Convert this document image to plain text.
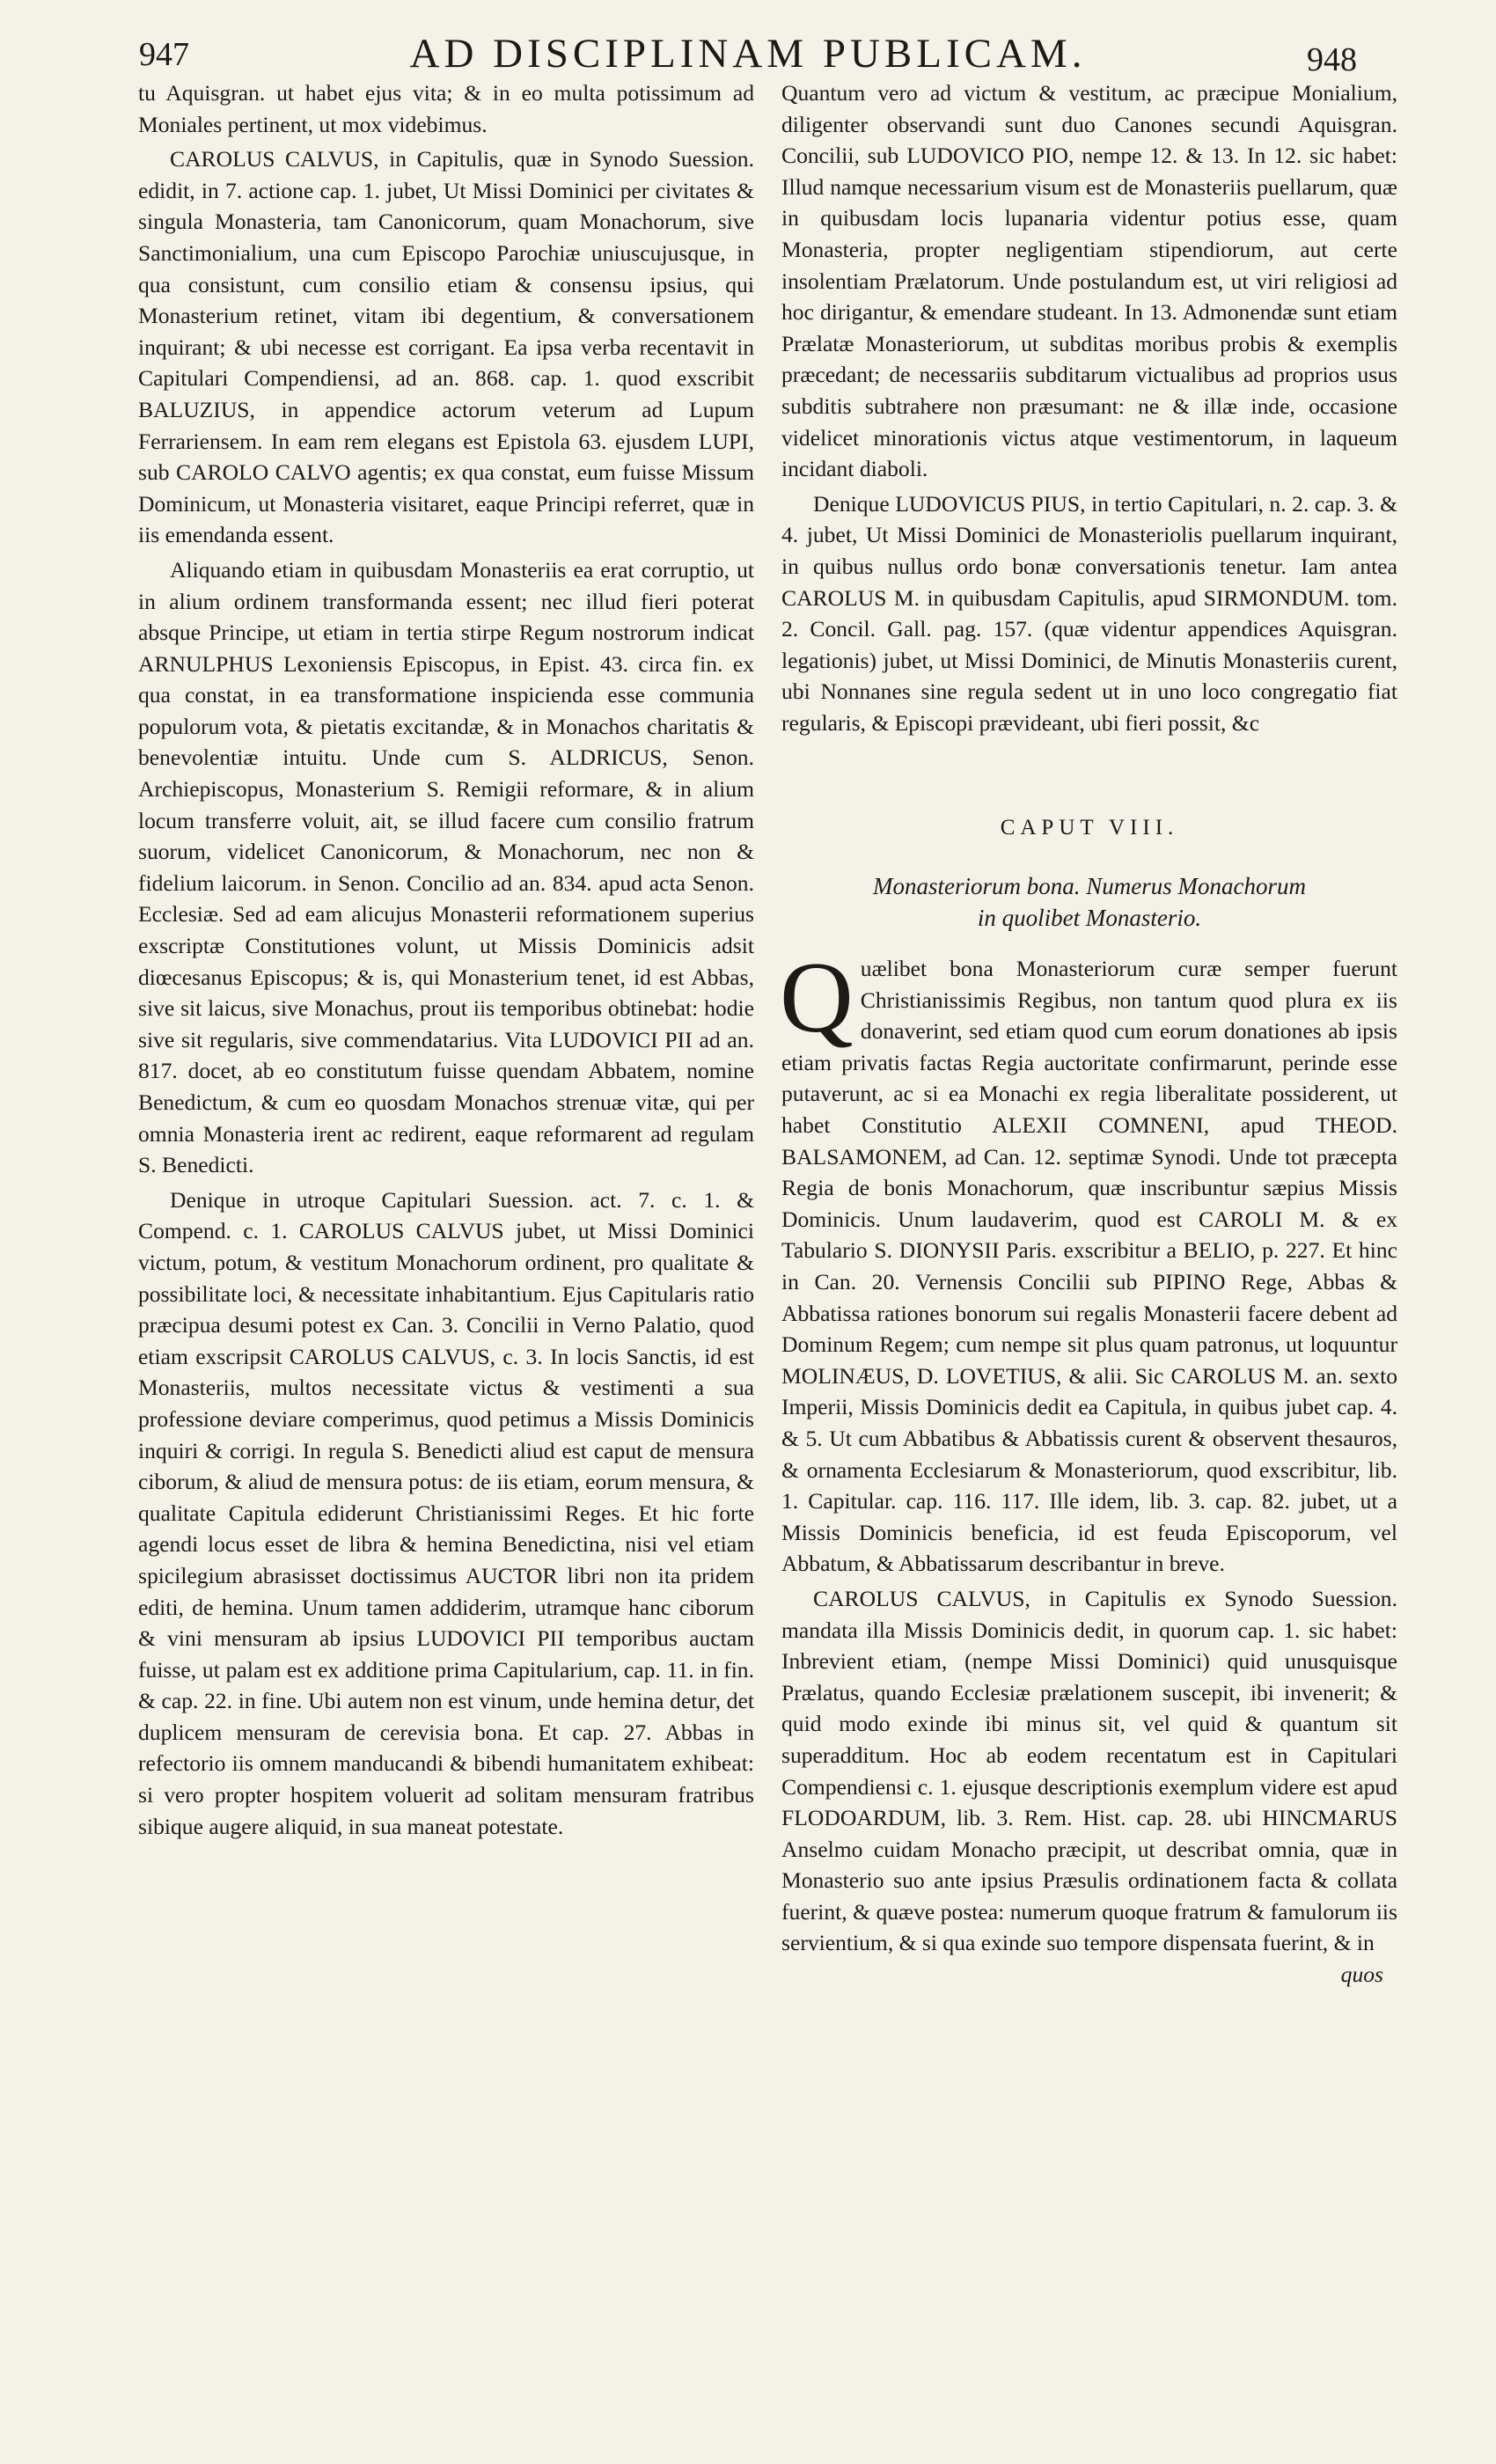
947	AD DISCIPLINAM PUBLICAM.	948

tu Aquisgran. ut habet ejus vita; & in eo multa potissimum ad Moniales pertinent, ut mox videbimus.

CAROLUS CALVUS, in Capitulis, quæ in Synodo Suession. edidit, in 7. actione cap. 1. jubet, Ut Missi Dominici per civitates & singula Monasteria, tam Canonicorum, quam Monachorum, sive Sanctimonialium, una cum Episcopo Parochiæ uniuscujusque, in qua consistunt, cum consilio etiam & consensu ipsius, qui Monasterium retinet, vitam ibi degentium, & conversationem inquirant; & ubi necesse est corrigant. Ea ipsa verba recentavit in Capitulari Compendiensi, ad an. 868. cap. 1. quod exscribit BALUZIUS, in appendice actorum veterum ad Lupum Ferrariensem. In eam rem elegans est Epistola 63. ejusdem LUPI, sub CAROLO CALVO agentis; ex qua constat, eum fuisse Missum Dominicum, ut Monasteria visitaret, eaque Principi referret, quæ in iis emendanda essent.

Aliquando etiam in quibusdam Monasteriis ea erat corruptio, ut in alium ordinem transformanda essent; nec illud fieri poterat absque Principe, ut etiam in tertia stirpe Regum nostrorum indicat ARNULPHUS Lexoniensis Episcopus, in Epist. 43. circa fin. ex qua constat, in ea transformatione inspicienda esse communia populorum vota, & pietatis excitandæ, & in Monachos charitatis & benevolentiæ intuitu. Unde cum S. ALDRICUS, Senon. Archiepiscopus, Monasterium S. Remigii reformare, & in alium locum transferre voluit, ait, se illud facere cum consilio fratrum suorum, videlicet Canonicorum, & Monachorum, nec non & fidelium laicorum. in Senon. Concilio ad an. 834. apud acta Senon. Ecclesiæ. Sed ad eam alicujus Monasterii reformationem superius exscriptæ Constitutiones volunt, ut Missis Dominicis adsit diœcesanus Episcopus; & is, qui Monasterium tenet, id est Abbas, sive sit laicus, sive Monachus, prout iis temporibus obtinebat: hodie sive sit regularis, sive commendatarius. Vita LUDOVICI PII ad an. 817. docet, ab eo constitutum fuisse quendam Abbatem, nomine Benedictum, & cum eo quosdam Monachos strenuæ vitæ, qui per omnia Monasteria irent ac redirent, eaque reformarent ad regulam S. Benedicti.

Denique in utroque Capitulari Suession. act. 7. c. 1. & Compend. c. 1. CAROLUS CALVUS jubet, ut Missi Dominici victum, potum, & vestitum Monachorum ordinent, pro qualitate & possibilitate loci, & necessitate inhabitantium. Ejus Capitularis ratio præcipua desumi potest ex Can. 3. Concilii in Verno Palatio, quod etiam exscripsit CAROLUS CALVUS, c. 3. In locis Sanctis, id est Monasteriis, multos necessitate victus & vestimenti a sua professione deviare comperimus, quod petimus a Missis Dominicis inquiri & corrigi. In regula S. Benedicti aliud est caput de mensura ciborum, & aliud de mensura potus: de iis etiam, eorum mensura, & qualitate Capitula ediderunt Christianissimi Reges. Et hic forte agendi locus esset de libra & hemina Benedictina, nisi vel etiam spicilegium abrasisset doctissimus AUCTOR libri non ita pridem editi, de hemina. Unum tamen addiderim, utramque hanc ciborum & vini mensuram ab ipsius LUDOVICI PII temporibus auctam fuisse, ut palam est ex additione prima Capitularium, cap. 11. in fin. & cap. 22. in fine. Ubi autem non est vinum, unde hemina detur, det duplicem mensuram de cerevisia bona. Et cap. 27. Abbas in refectorio iis omnem manducandi & bibendi humanitatem exhibeat: si vero propter hospitem voluerit ad solitam mensuram fratribus sibique augere aliquid, in sua maneat potestate.

Quantum vero ad victum & vestitum, ac præcipue Monialium, diligenter observandi sunt duo Canones secundi Aquisgran. Concilii, sub LUDOVICO PIO, nempe 12. & 13. In 12. sic habet: Illud namque necessarium visum est de Monasteriis puellarum, quæ in quibusdam locis lupanaria videntur potius esse, quam Monasteria, propter negligentiam stipendiorum, aut certe insolentiam Prælatorum. Unde postulandum est, ut viri religiosi ad hoc dirigantur, & emendare studeant. In 13. Admonendæ sunt etiam Prælatæ Monasteriorum, ut subditas moribus probis & exemplis præcedant; de necessariis subditarum victualibus ad proprios usus subditis subtrahere non præsumant: ne & illæ inde, occasione videlicet minorationis victus atque vestimentorum, in laqueum incidant diaboli.

Denique LUDOVICUS PIUS, in tertio Capitulari, n. 2. cap. 3. & 4. jubet, Ut Missi Dominici de Monasteriolis puellarum inquirant, in quibus nullus ordo bonæ conversationis tenetur. Iam antea CAROLUS M. in quibusdam Capitulis, apud SIRMONDUM. tom. 2. Concil. Gall. pag. 157. (quæ videntur appendices Aquisgran. legationis) jubet, ut Missi Dominici, de Minutis Monasteriis curent, ubi Nonnanes sine regula sedent ut in uno loco congregatio fiat regularis, & Episcopi prævideant, ubi fieri possit, &c

CAPUT VIII.
Monasteriorum bona. Numerus Monachorum
in quolibet Monasterio.

Quælibet bona Monasteriorum curæ semper fuerunt Christianissimis Regibus, non tantum quod plura ex iis donaverint, sed etiam quod cum eorum donationes ab ipsis etiam privatis factas Regia auctoritate confirmarunt, perinde esse putaverunt, ac si ea Monachi ex regia liberalitate possiderent, ut habet Constitutio ALEXII COMNENI, apud THEOD. BALSAMONEM, ad Can. 12. septimæ Synodi. Unde tot præcepta Regia de bonis Monachorum, quæ inscribuntur sæpius Missis Dominicis. Unum laudaverim, quod est CAROLI M. & ex Tabulario S. DIONYSII Paris. exscribitur a BELIO, p. 227. Et hinc in Can. 20. Vernensis Concilii sub PIPINO Rege, Abbas & Abbatissa rationes bonorum sui regalis Monasterii facere debent ad Dominum Regem; cum nempe sit plus quam patronus, ut loquuntur MOLINÆUS, D. LOVETIUS, & alii. Sic CAROLUS M. an. sexto Imperii, Missis Dominicis dedit ea Capitula, in quibus jubet cap. 4. & 5. Ut cum Abbatibus & Abbatissis curent & observent thesauros, & ornamenta Ecclesiarum & Monasteriorum, quod exscribitur, lib. 1. Capitular. cap. 116. 117. Ille idem, lib. 3. cap. 82. jubet, ut a Missis Dominicis beneficia, id est feuda Episcoporum, vel Abbatum, & Abbatissarum describantur in breve.

CAROLUS CALVUS, in Capitulis ex Synodo Suession. mandata illa Missis Dominicis dedit, in quorum cap. 1. sic habet: Inbrevient etiam, (nempe Missi Dominici) quid unusquisque Prælatus, quando Ecclesiæ prælationem suscepit, ibi invenerit; & quid modo exinde ibi minus sit, vel quid & quantum sit superadditum. Hoc ab eodem recentatum est in Capitulari Compendiensi c. 1. ejusque descriptionis exemplum videre est apud FLODOARDUM, lib. 3. Rem. Hist. cap. 28. ubi HINCMARUS Anselmo cuidam Monacho præcipit, ut describat omnia, quæ in Monasterio suo ante ipsius Præsulis ordinationem facta & collata fuerint, & quæve postea: numerum quoque fratrum & famulorum iis servientium, & si qua exinde suo tempore dispensata fuerint, & in

quos
